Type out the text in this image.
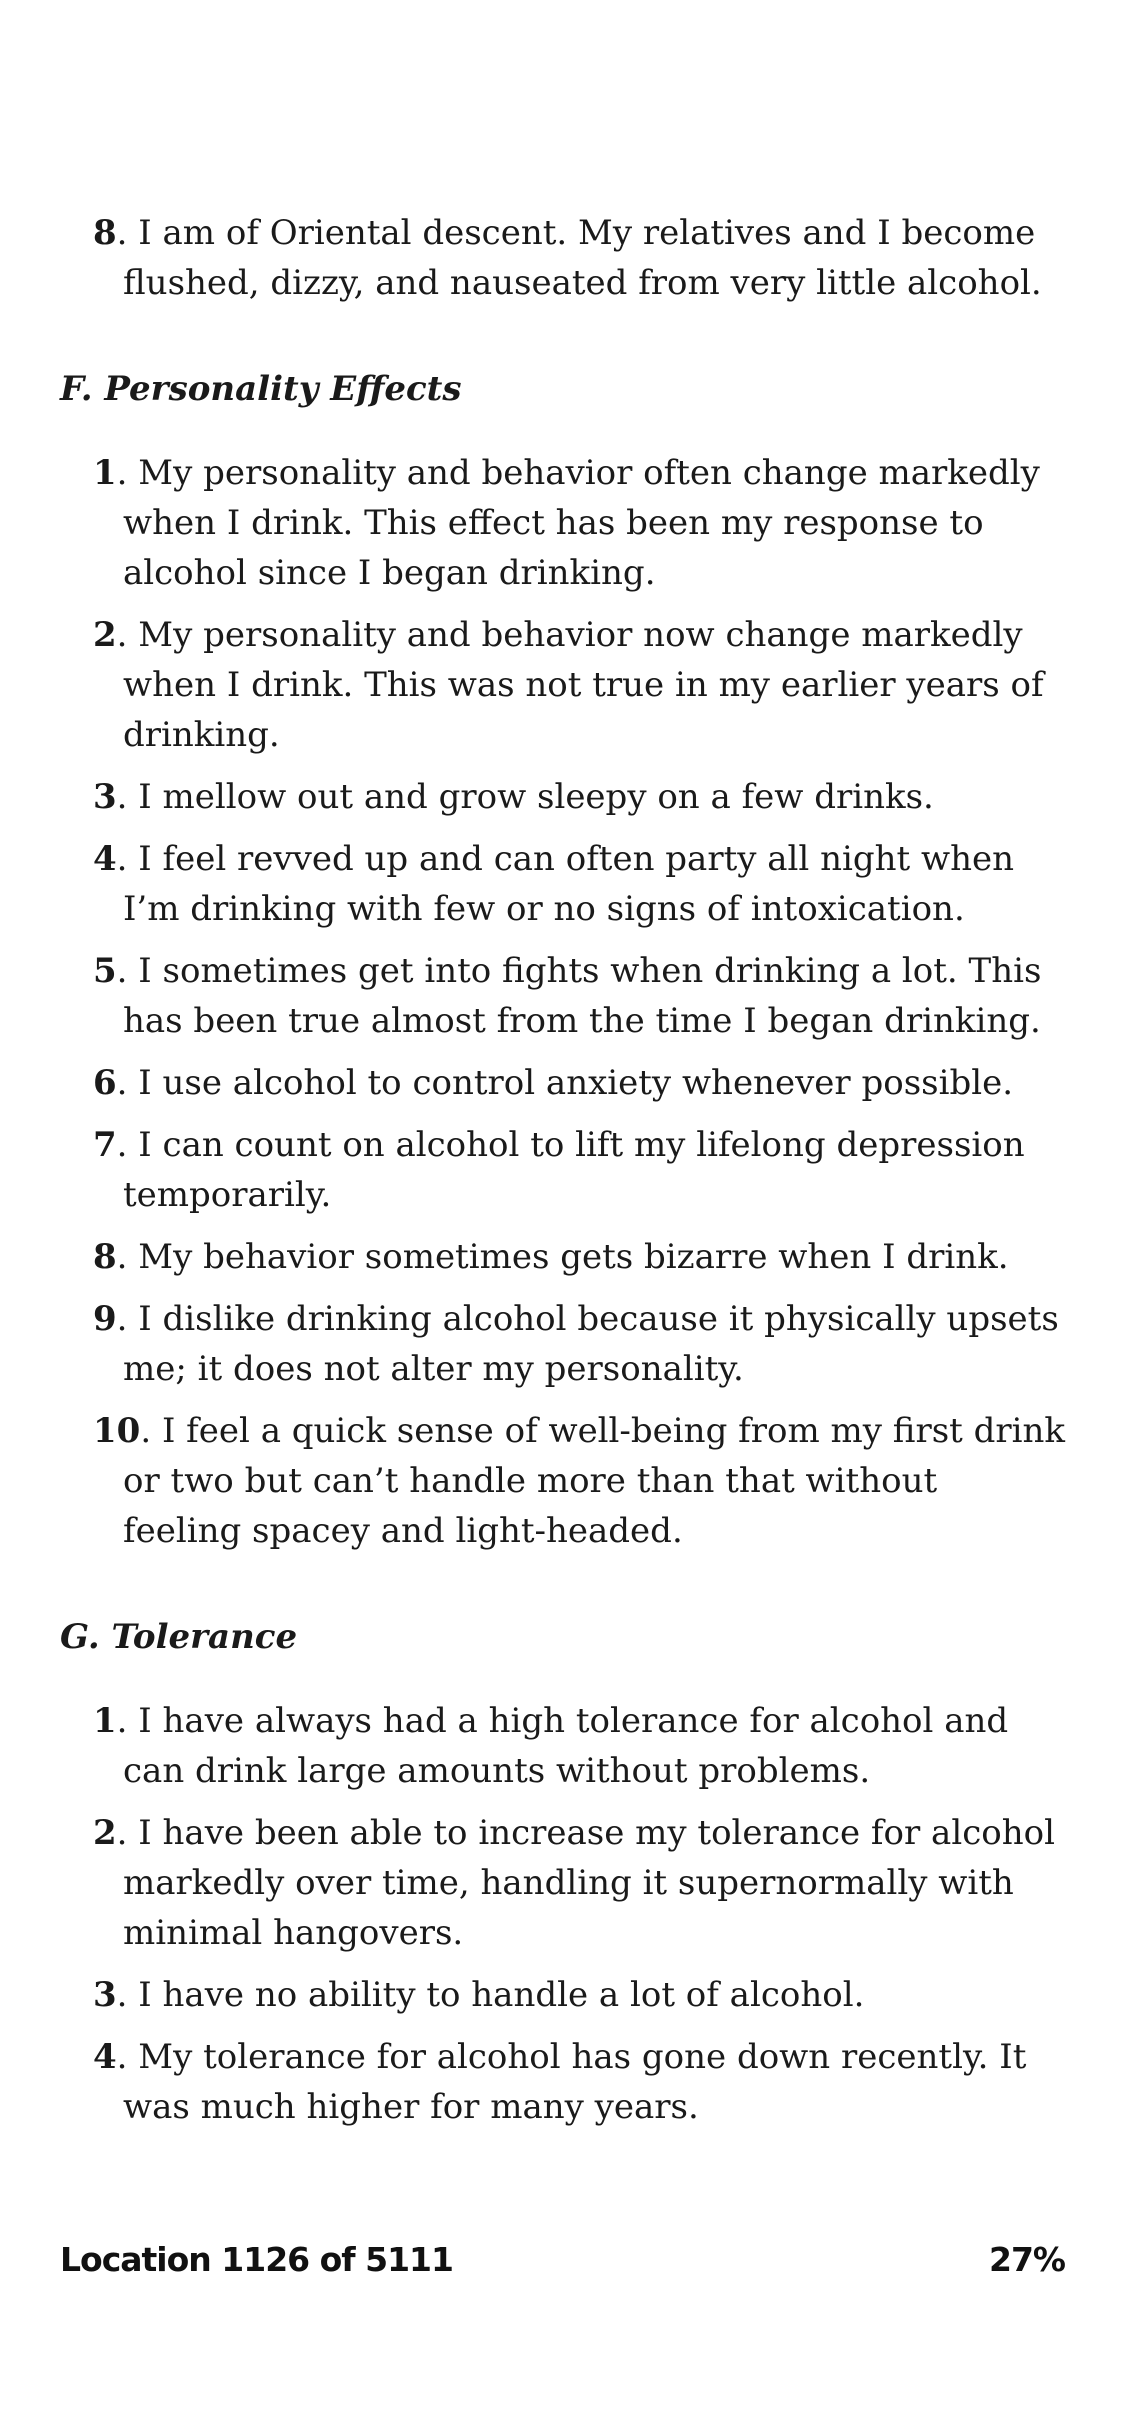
8. I am of Oriental descent. My relatives and I become flushed, dizzy, and nauseated from very little alcohol.

F. Personality Effects

1. My personality and behavior often change markedly when I drink. This effect has been my response to alcohol since I began drinking.

2. My personality and behavior now change markedly when I drink. This was not true in my earlier years of drinking.

3. I mellow out and grow sleepy on a few drinks.

4. I feel revved up and can often party all night when I’m drinking with few or no signs of intoxication.

5. I sometimes get into fights when drinking a lot. This has been true almost from the time I began drinking.

6. I use alcohol to control anxiety whenever possible.

7. I can count on alcohol to lift my lifelong depression temporarily.

8. My behavior sometimes gets bizarre when I drink.

9. I dislike drinking alcohol because it physically upsets me; it does not alter my personality.

10. I feel a quick sense of well-being from my first drink or two but can’t handle more than that without feeling spacey and light-headed.

G. Tolerance

1. I have always had a high tolerance for alcohol and can drink large amounts without problems.

2. I have been able to increase my tolerance for alcohol markedly over time, handling it supernormally with minimal hangovers.

3. I have no ability to handle a lot of alcohol.

4. My tolerance for alcohol has gone down recently. It was much higher for many years.

Location 1126 of 5111	27%
